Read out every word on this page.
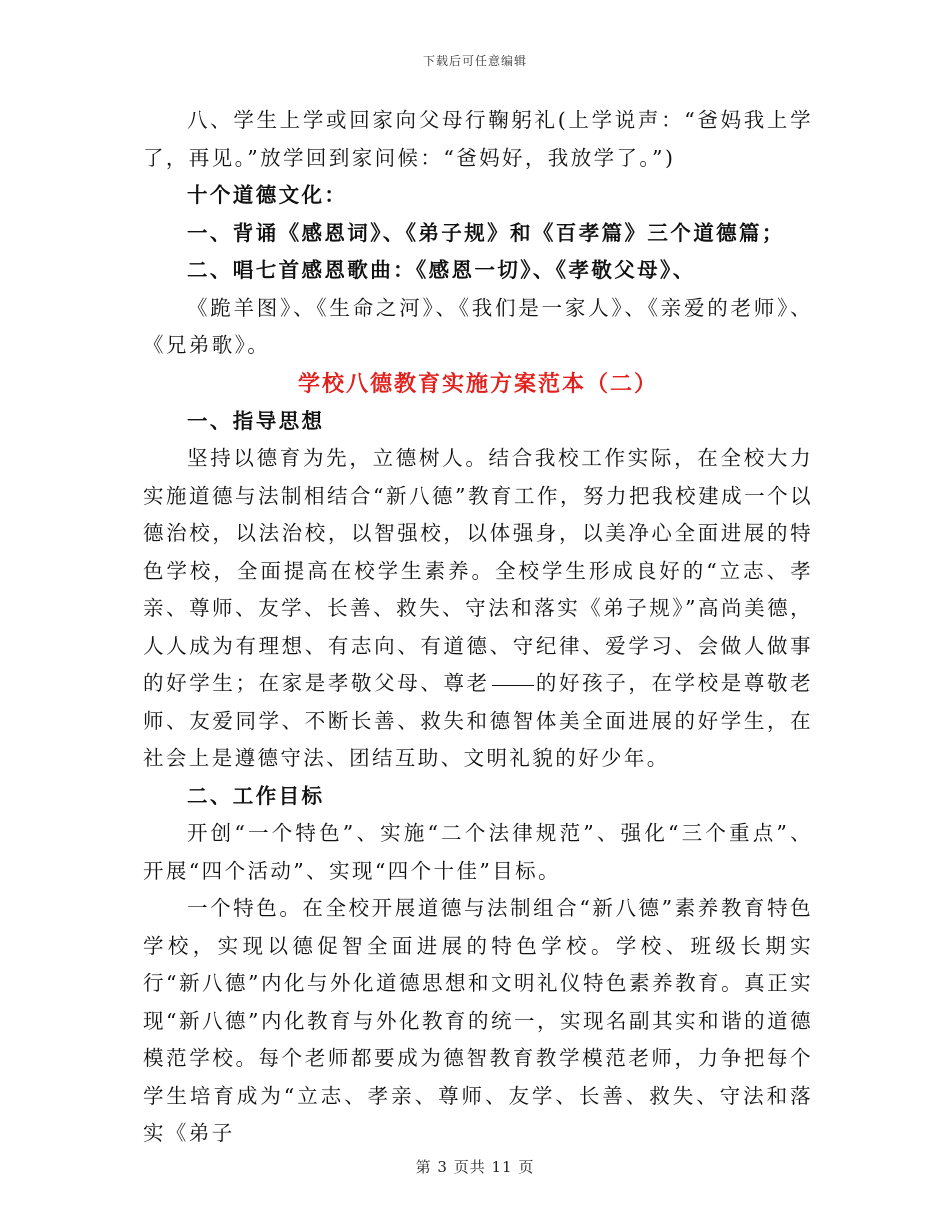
下载后可任意编辑

八、学生上学或回家向父母行鞠躬礼(上学说声：“爸妈我上学了，再见。”放学回到家问候：“爸妈好，我放学了。”)

十个道德文化：

一、背诵《感恩词》、《弟子规》和《百孝篇》三个道德篇；

二、唱七首感恩歌曲：《感恩一切》、《孝敬父母》、

《跪羊图》、《生命之河》、《我们是一家人》、《亲爱的老师》、《兄弟歌》。

学校八德教育实施方案范本（二）

一、指导思想

坚持以德育为先，立德树人。结合我校工作实际，在全校大力实施道德与法制相结合“新八德”教育工作，努力把我校建成一个以德治校，以法治校，以智强校，以体强身，以美净心全面进展的特色学校，全面提高在校学生素养。全校学生形成良好的“立志、孝亲、尊师、友学、长善、救失、守法和落实《弟子规》”高尚美德，人人成为有理想、有志向、有道德、守纪律、爱学习、会做人做事的好学生；在家是孝敬父母、尊老 的好孩子，在学校是尊敬老师、友爱同学、不断长善、救失和德智体美全面进展的好学生，在社会上是遵德守法、团结互助、文明礼貌的好少年。

二、工作目标

开创“一个特色”、实施“二个法律规范”、强化“三个重点”、开展“四个活动”、实现“四个十佳”目标。

一个特色。在全校开展道德与法制组合“新八德”素养教育特色学校，实现以德促智全面进展的特色学校。学校、班级长期实行“新八德”内化与外化道德思想和文明礼仪特色素养教育。真正实现“新八德”内化教育与外化教育的统一，实现名副其实和谐的道德模范学校。每个老师都要成为德智教育教学模范老师，力争把每个学生培育成为“立志、孝亲、尊师、友学、长善、救失、守法和落实《弟子

第 3 页共 11 页
